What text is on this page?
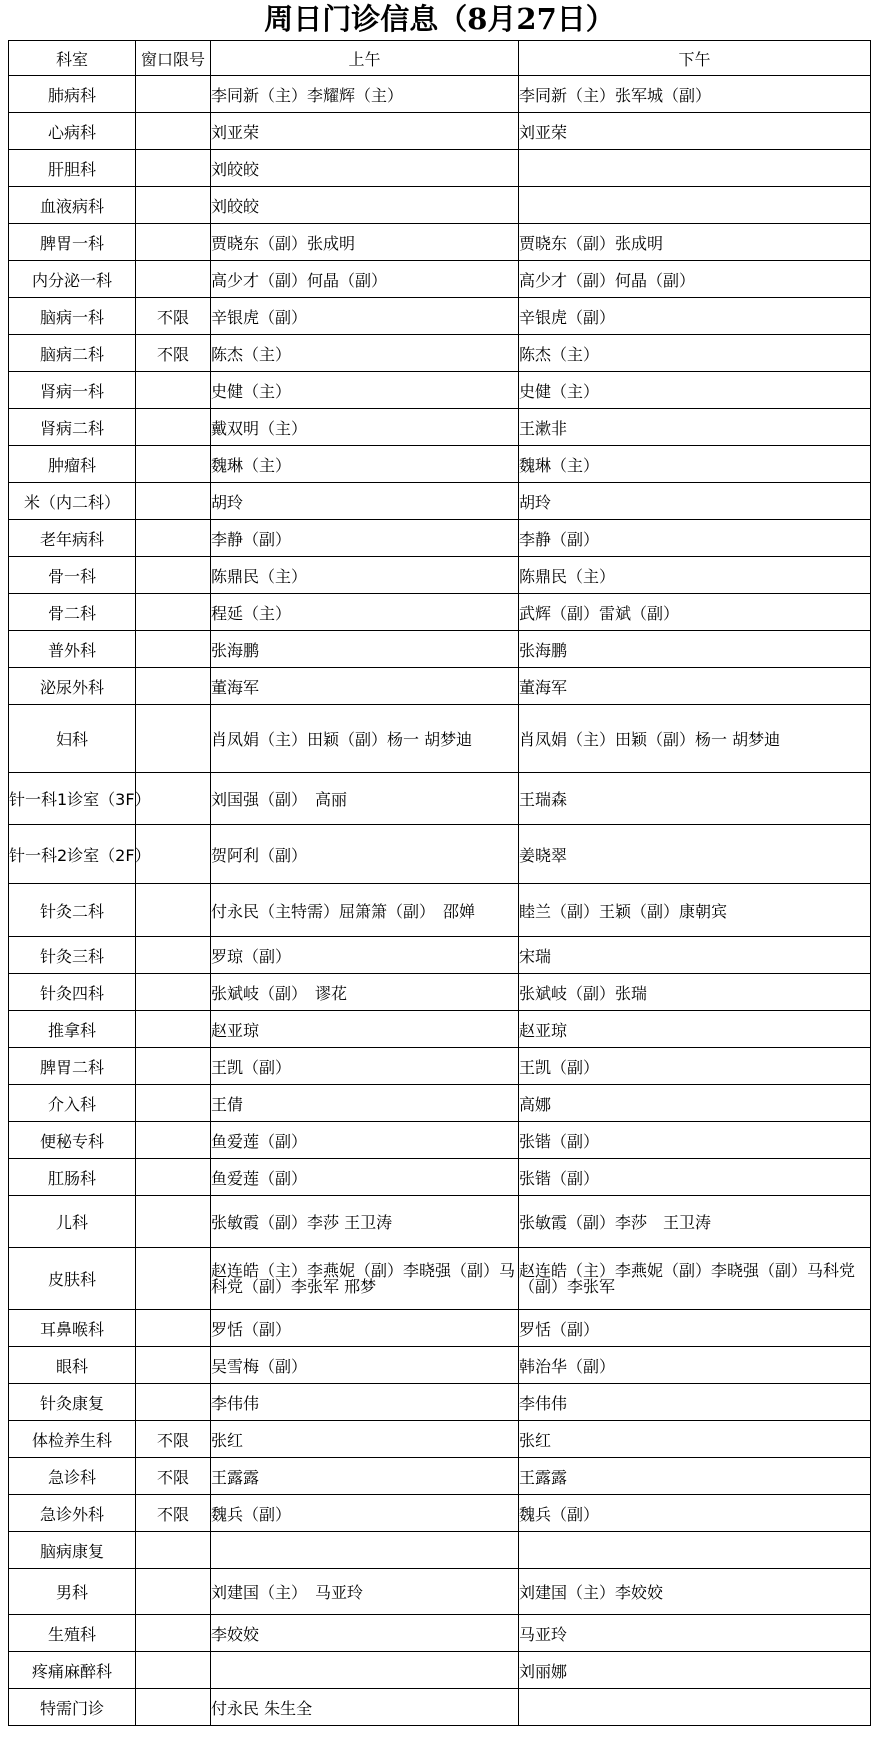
周日门诊信息（8月27日）
科室	窗口限号	上午	下午
肺病科		李同新（主）李耀辉（主）	李同新（主）张军城（副）
心病科		刘亚荣	刘亚荣
肝胆科		刘皎皎	
血液病科		刘皎皎	
脾胃一科		贾晓东（副）张成明	贾晓东（副）张成明
内分泌一科		高少才（副）何晶（副）	高少才（副）何晶（副）
脑病一科	不限	辛银虎（副）	辛银虎（副）
脑病二科	不限	陈杰（主）	陈杰（主）
肾病一科		史健（主）	史健（主）
肾病二科		戴双明（主）	王漱非
肿瘤科		魏琳（主）	魏琳（主）
米（内二科）		胡玲	胡玲
老年病科		李静（副）	李静（副）
骨一科		陈鼎民（主）	陈鼎民（主）
骨二科		程延（主）	武辉（副）雷斌（副）
普外科		张海鹏	张海鹏
泌尿外科		董海军	董海军
妇科		肖凤娟（主）田颖（副）杨一 胡梦迪	肖凤娟（主）田颖（副）杨一 胡梦迪
针一科1诊室（3F）		刘国强（副）　高丽	王瑞森
针一科2诊室（2F）		贺阿利（副）	姜晓翠
针灸二科		付永民（主特需）屈箫箫（副）　邵婵	睦兰（副）王颖（副）康朝宾
针灸三科		罗琼（副）	宋瑞
针灸四科		张斌岐（副）　谬花	张斌岐（副）张瑞
推拿科		赵亚琼	赵亚琼
脾胃二科		王凯（副）	王凯（副）
介入科		王倩	高娜
便秘专科		鱼爱莲（副）	张锴（副）
肛肠科		鱼爱莲（副）	张锴（副）
儿科		张敏霞（副）李莎 王卫涛	张敏霞（副）李莎　王卫涛
皮肤科		赵连皓（主）李燕妮（副）李晓强（副）马科党（副）李张军 邢梦	赵连皓（主）李燕妮（副）李晓强（副）马科党（副）李张军
耳鼻喉科		罗恬（副）	罗恬（副）
眼科		吴雪梅（副）	韩治华（副）
针灸康复		李伟伟	李伟伟
体检养生科	不限	张红	张红
急诊科	不限	王露露	王露露
急诊外科	不限	魏兵（副）	魏兵（副）
脑病康复			
男科		刘建国（主）　马亚玲	刘建国（主）李姣姣
生殖科		李姣姣	马亚玲
疼痛麻醉科			刘丽娜
特需门诊		付永民 朱生全	
